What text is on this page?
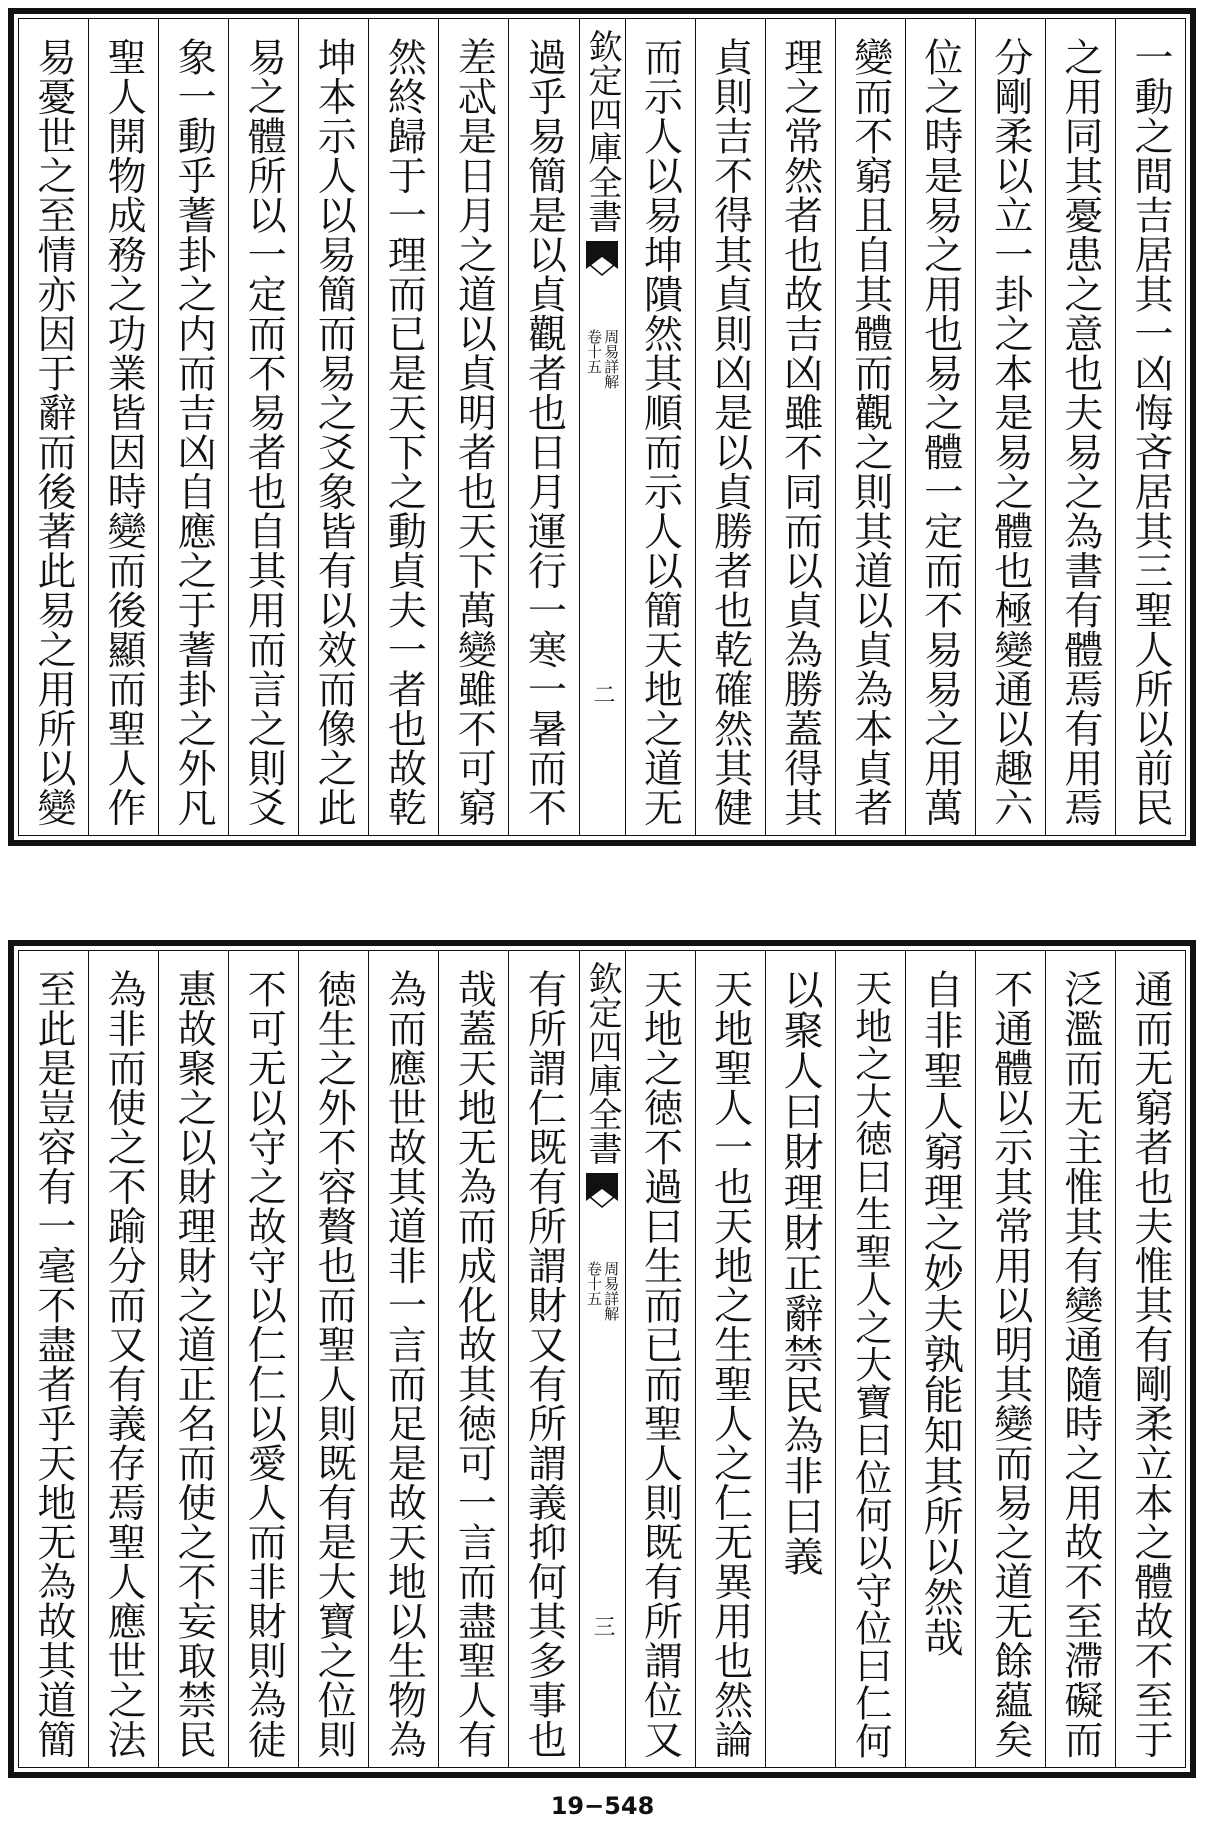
一動之間吉居其一凶悔吝居其三聖人所以前民
之用同其憂患之意也夫易之為書有體焉有用焉
分剛柔以立一卦之本是易之體也極變通以趣六
位之時是易之用也易之體一定而不易易之用萬
變而不窮且自其體而觀之則其道以貞為本貞者
理之常然者也故吉凶雖不同而以貞為勝蓋得其
貞則吉不得其貞則凶是以貞勝者也乾確然其健
而示人以易坤隤然其順而示人以簡天地之道无
欽定四庫全書
周易詳解
卷十五
二
過乎易簡是以貞觀者也日月運行一寒一暑而不
差忒是日月之道以貞明者也天下萬變雖不可窮
然終歸于一理而已是天下之動貞夫一者也故乾
坤本示人以易簡而易之爻象皆有以效而像之此
易之體所以一定而不易者也自其用而言之則爻
象一動乎蓍卦之内而吉凶自應之于蓍卦之外凡
聖人開物成務之功業皆因時變而後顯而聖人作
易憂世之至情亦因于辭而後著此易之用所以變
通而无窮者也夫惟其有剛柔立本之體故不至于
泛濫而无主惟其有變通隨時之用故不至滯礙而
不通體以示其常用以明其變而易之道无餘藴矣
自非聖人窮理之妙夫孰能知其所以然哉
天地之大徳曰生聖人之大寶曰位何以守位曰仁何
以聚人曰財理財正辭禁民為非曰義
天地聖人一也天地之生聖人之仁无異用也然論
天地之徳不過曰生而已而聖人則既有所謂位又
欽定四庫全書
周易詳解
卷十五
三
有所謂仁既有所謂財又有所謂義抑何其多事也
哉蓋天地无為而成化故其徳可一言而盡聖人有
為而應世故其道非一言而足是故天地以生物為
徳生之外不容贅也而聖人則既有是大寶之位則
不可无以守之故守以仁仁以愛人而非財則為徒
惠故聚之以財理財之道正名而使之不妄取禁民
為非而使之不踰分而又有義存焉聖人應世之法
至此是豈容有一毫不盡者乎天地无為故其道簡
19−548
